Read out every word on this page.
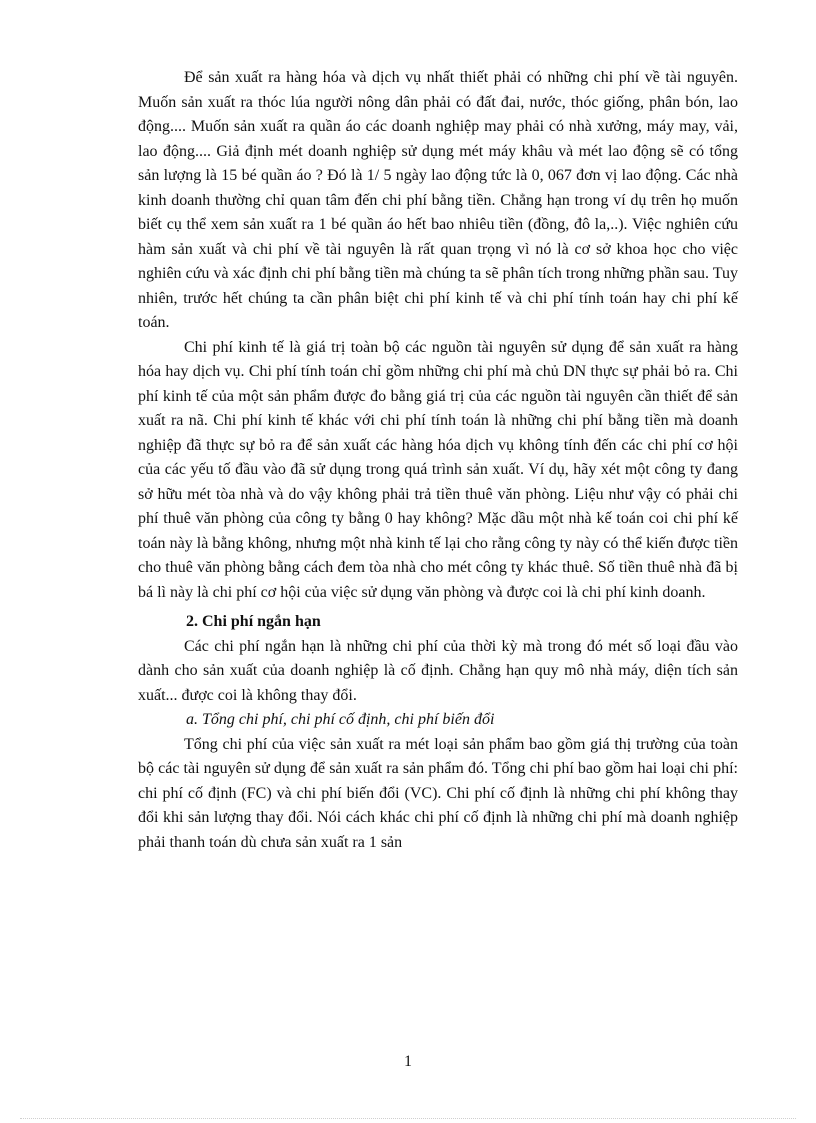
Để sản xuất ra hàng hóa và dịch vụ nhất thiết phải có những chi phí về tài nguyên. Muốn sản xuất ra thóc lúa người nông dân phải có đất đai, nước, thóc giống, phân bón, lao động.... Muốn sản xuất ra quần áo các doanh nghiệp may phải có nhà xưởng, máy may, vải, lao động.... Giả định mét doanh nghiệp sử dụng mét máy khâu và mét lao động sẽ có tổng sản lượng là 15 bé quần áo ? Đó là 1/ 5 ngày lao động tức là 0, 067 đơn vị lao động. Các nhà kinh doanh thường chỉ quan tâm đến chi phí bằng tiền. Chẳng hạn trong ví dụ trên họ muốn biết cụ thể xem sản xuất ra 1 bé quần áo hết bao nhiêu tiền (đồng, đô la,..). Việc nghiên cứu hàm sản xuất và chi phí về tài nguyên là rất quan trọng vì nó là cơ sở khoa học cho việc nghiên cứu và xác định chi phí bằng tiền mà chúng ta sẽ phân tích trong những phần sau. Tuy nhiên, trước hết chúng ta cần phân biệt chi phí kinh tế và chi phí tính toán hay chi phí kế toán.

Chi phí kinh tế là giá trị toàn bộ các nguồn tài nguyên sử dụng để sản xuất ra hàng hóa hay dịch vụ. Chi phí tính toán chỉ gồm những chi phí mà chủ DN thực sự phải bỏ ra. Chi phí kinh tế của một sản phẩm được đo bằng giá trị của các nguồn tài nguyên cần thiết để sản xuất ra nã. Chi phí kinh tế khác với chi phí tính toán là những chi phí bằng tiền mà doanh nghiệp đã thực sự bỏ ra để sản xuất các hàng hóa dịch vụ không tính đến các chi phí cơ hội của các yếu tố đầu vào đã sử dụng trong quá trình sản xuất. Ví dụ, hãy xét một công ty đang sở hữu mét tòa nhà và do vậy không phải trả tiền thuê văn phòng. Liệu như vậy có phải chi phí thuê văn phòng của công ty bằng 0 hay không? Mặc dầu một nhà kế toán coi chi phí kế toán này là bằng không, nhưng một nhà kinh tế lại cho rằng công ty này có thể kiến được tiền cho thuê văn phòng bằng cách đem tòa nhà cho mét công ty khác thuê. Số tiền thuê nhà đã bị bá lì này là chi phí cơ hội của việc sử dụng văn phòng và được coi là chi phí kinh doanh.

2. Chi phí ngắn hạn

Các chi phí ngắn hạn là những chi phí của thời kỳ mà trong đó mét số loại đầu vào dành cho sản xuất của doanh nghiệp là cố định. Chẳng hạn quy mô nhà máy, diện tích sản xuất... được coi là không thay đổi.

a. Tổng chi phí, chi phí cố định, chi phí biến đổi

Tổng chi phí của việc sản xuất ra mét loại sản phẩm bao gồm giá thị trường của toàn bộ các tài nguyên sử dụng để sản xuất ra sản phẩm đó. Tổng chi phí bao gồm hai loại chi phí: chi phí cố định (FC) và chi phí biến đổi (VC). Chi phí cố định là những chi phí không thay đổi khi sản lượng thay đổi. Nói cách khác chi phí cố định là những chi phí mà doanh nghiệp phải thanh toán dù chưa sản xuất ra 1 sản

1
